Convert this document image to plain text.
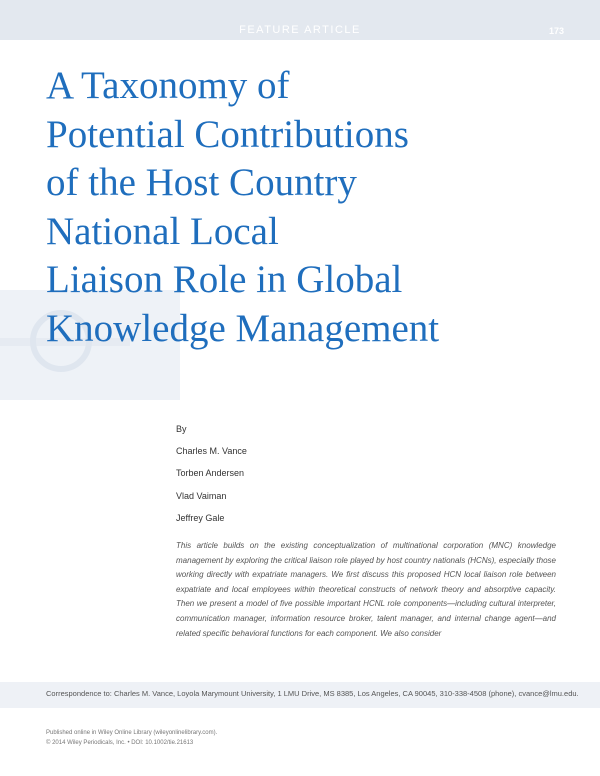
FEATURE ARTICLE	173
A Taxonomy of
Potential Contributions
of the Host Country
National Local
Liaison Role in Global
Knowledge Management
By
Charles M. Vance
Torben Andersen
Vlad Vaiman
Jeffrey Gale

This article builds on the existing conceptualization of multinational corporation (MNC) knowledge management by exploring the critical liaison role played by host country nationals (HCNs), especially those working directly with expatriate managers. We first discuss this proposed HCN local liaison role between expatriate and local employees within theoretical constructs of network theory and absorptive capacity. Then we present a model of five possible important HCNL role components—including cultural interpreter, communication manager, information resource broker, talent manager, and internal change agent—and related specific behavioral functions for each component. We also consider

Correspondence to: Charles M. Vance, Loyola Marymount University, 1 LMU Drive, MS 8385, Los Angeles, CA 90045, 310-338-4508 (phone), cvance@lmu.edu.
Published online in Wiley Online Library (wileyonlinelibrary.com).
© 2014 Wiley Periodicals, Inc. • DOI: 10.1002/tie.21613
